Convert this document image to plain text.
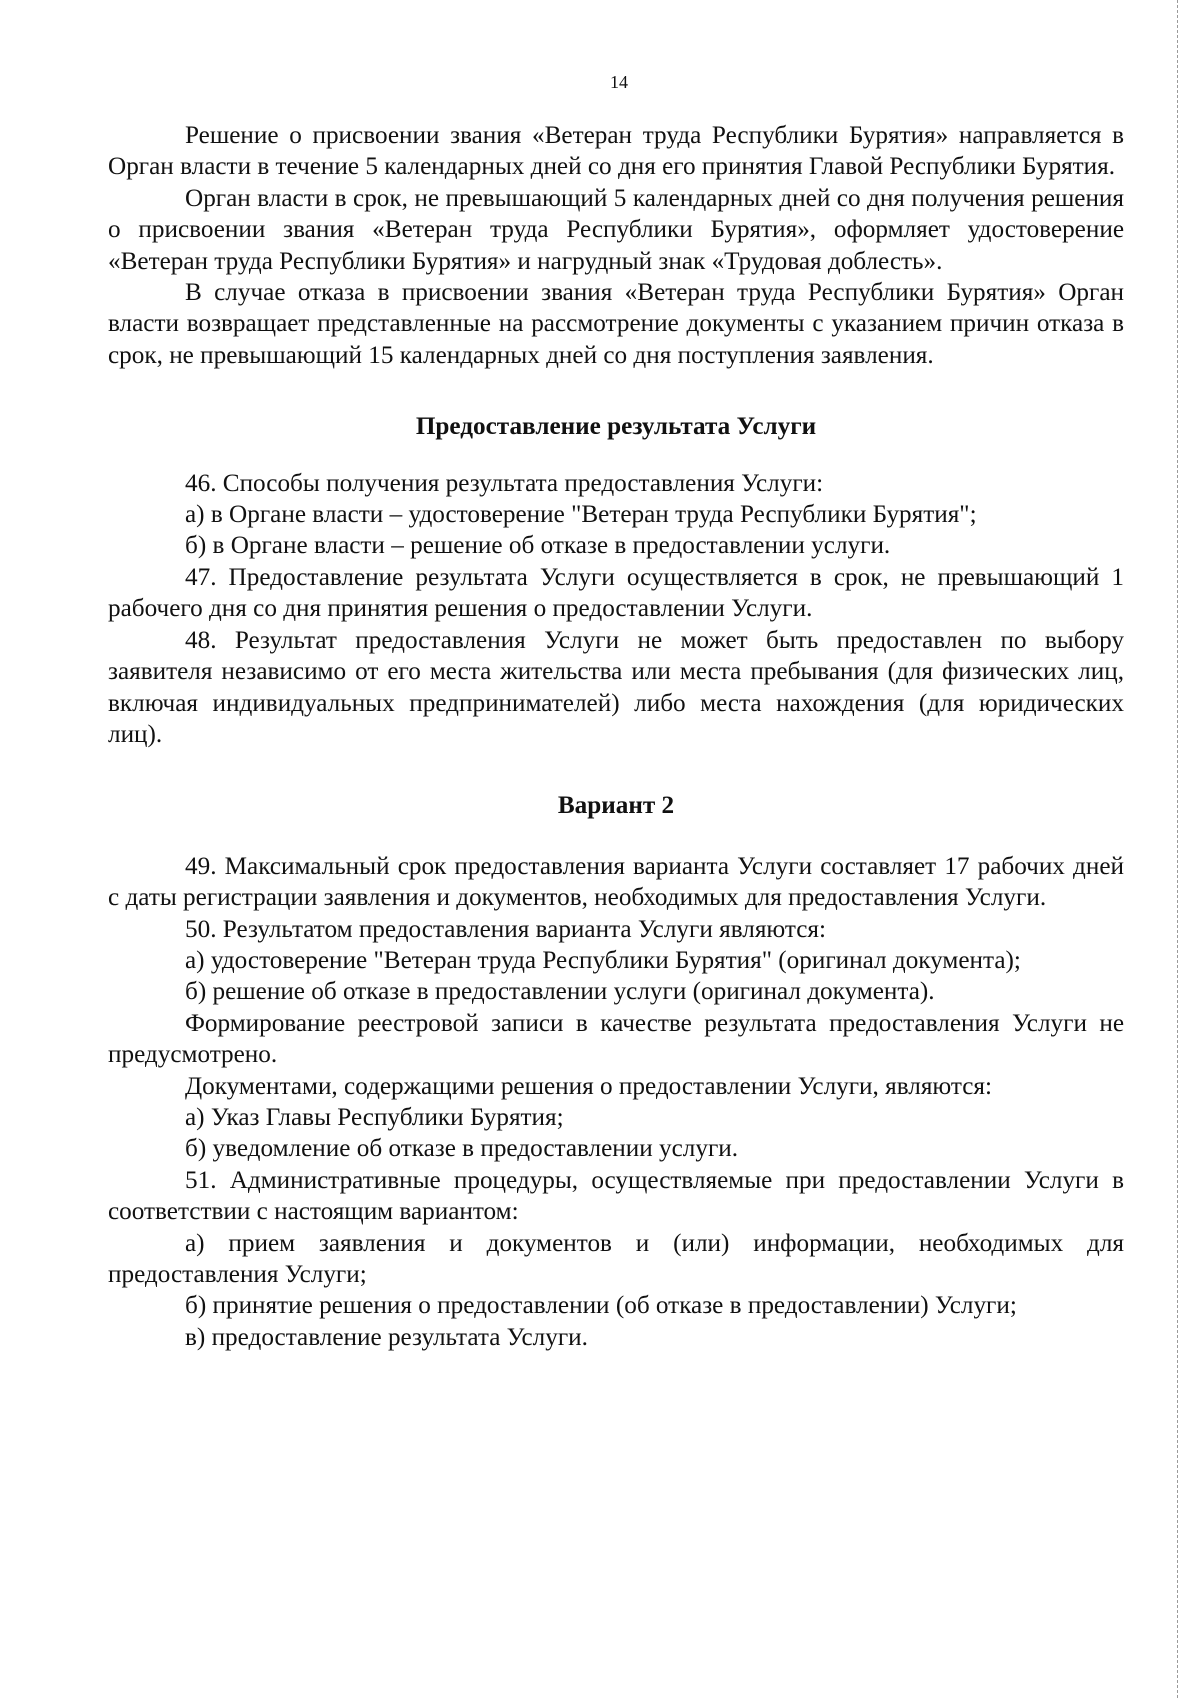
14

Решение о присвоении звания «Ветеран труда Республики Бурятия» направляется в Орган власти в течение 5 календарных дней со дня его принятия Главой Республики Бурятия.

Орган власти в срок, не превышающий 5 календарных дней со дня получения решения о присвоении звания «Ветеран труда Республики Бурятия», оформляет удостоверение «Ветеран труда Республики Бурятия» и нагрудный знак «Трудовая доблесть».

В случае отказа в присвоении звания «Ветеран труда Республики Бурятия» Орган власти возвращает представленные на рассмотрение документы с указанием причин отказа в срок, не превышающий 15 календарных дней со дня поступления заявления.

Предоставление результата Услуги

46. Способы получения результата предоставления Услуги:

а) в Органе власти – удостоверение "Ветеран труда Республики Бурятия";

б) в Органе власти – решение об отказе в предоставлении услуги.

47. Предоставление результата Услуги осуществляется в срок, не превышающий 1 рабочего дня со дня принятия решения о предоставлении Услуги.

48. Результат предоставления Услуги не может быть предоставлен по выбору заявителя независимо от его места жительства или места пребывания (для физических лиц, включая индивидуальных предпринимателей) либо места нахождения (для юридических лиц).

Вариант 2

49. Максимальный срок предоставления варианта Услуги составляет 17 рабочих дней с даты регистрации заявления и документов, необходимых для предоставления Услуги.

50. Результатом предоставления варианта Услуги являются:

а) удостоверение "Ветеран труда Республики Бурятия" (оригинал документа);

б) решение об отказе в предоставлении услуги (оригинал документа).

Формирование реестровой записи в качестве результата предоставления Услуги не предусмотрено.

Документами, содержащими решения о предоставлении Услуги, являются:

а) Указ Главы Республики Бурятия;

б) уведомление об отказе в предоставлении услуги.

51. Административные процедуры, осуществляемые при предоставлении Услуги в соответствии с настоящим вариантом:

а) прием заявления и документов и (или) информации, необходимых для предоставления Услуги;

б) принятие решения о предоставлении (об отказе в предоставлении) Услуги;

в) предоставление результата Услуги.
